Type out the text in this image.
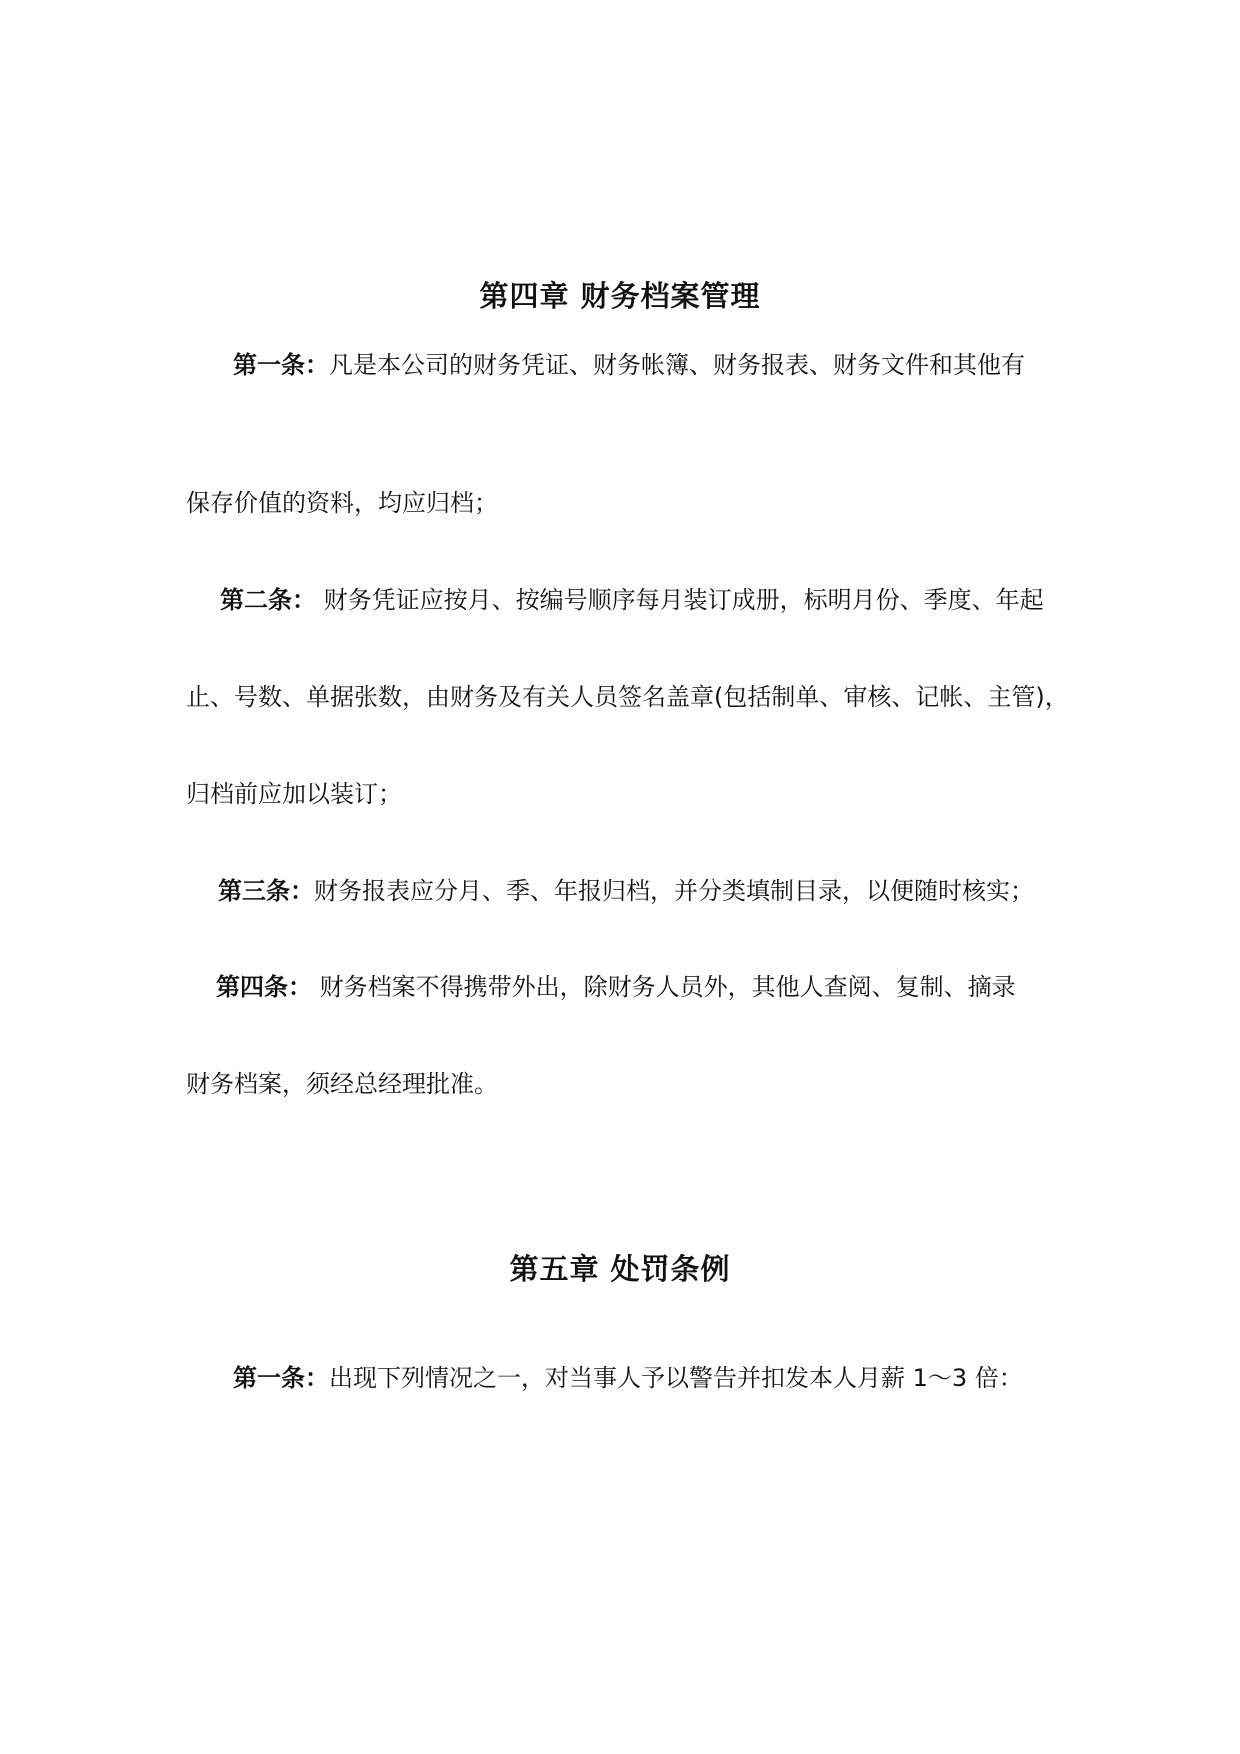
第四章 财务档案管理

第一条：凡是本公司的财务凭证、财务帐簿、财务报表、财务文件和其他有

保存价值的资料，均应归档；

第二条： 财务凭证应按月、按编号顺序每月装订成册，标明月份、季度、年起

止、号数、单据张数，由财务及有关人员签名盖章(包括制单、审核、记帐、主管)，

归档前应加以装订；

第三条：财务报表应分月、季、年报归档，并分类填制目录，以便随时核实；

第四条： 财务档案不得携带外出，除财务人员外，其他人查阅、复制、摘录

财务档案，须经总经理批准。

第五章 处罚条例

第一条：出现下列情况之一，对当事人予以警告并扣发本人月薪 1～3 倍：
